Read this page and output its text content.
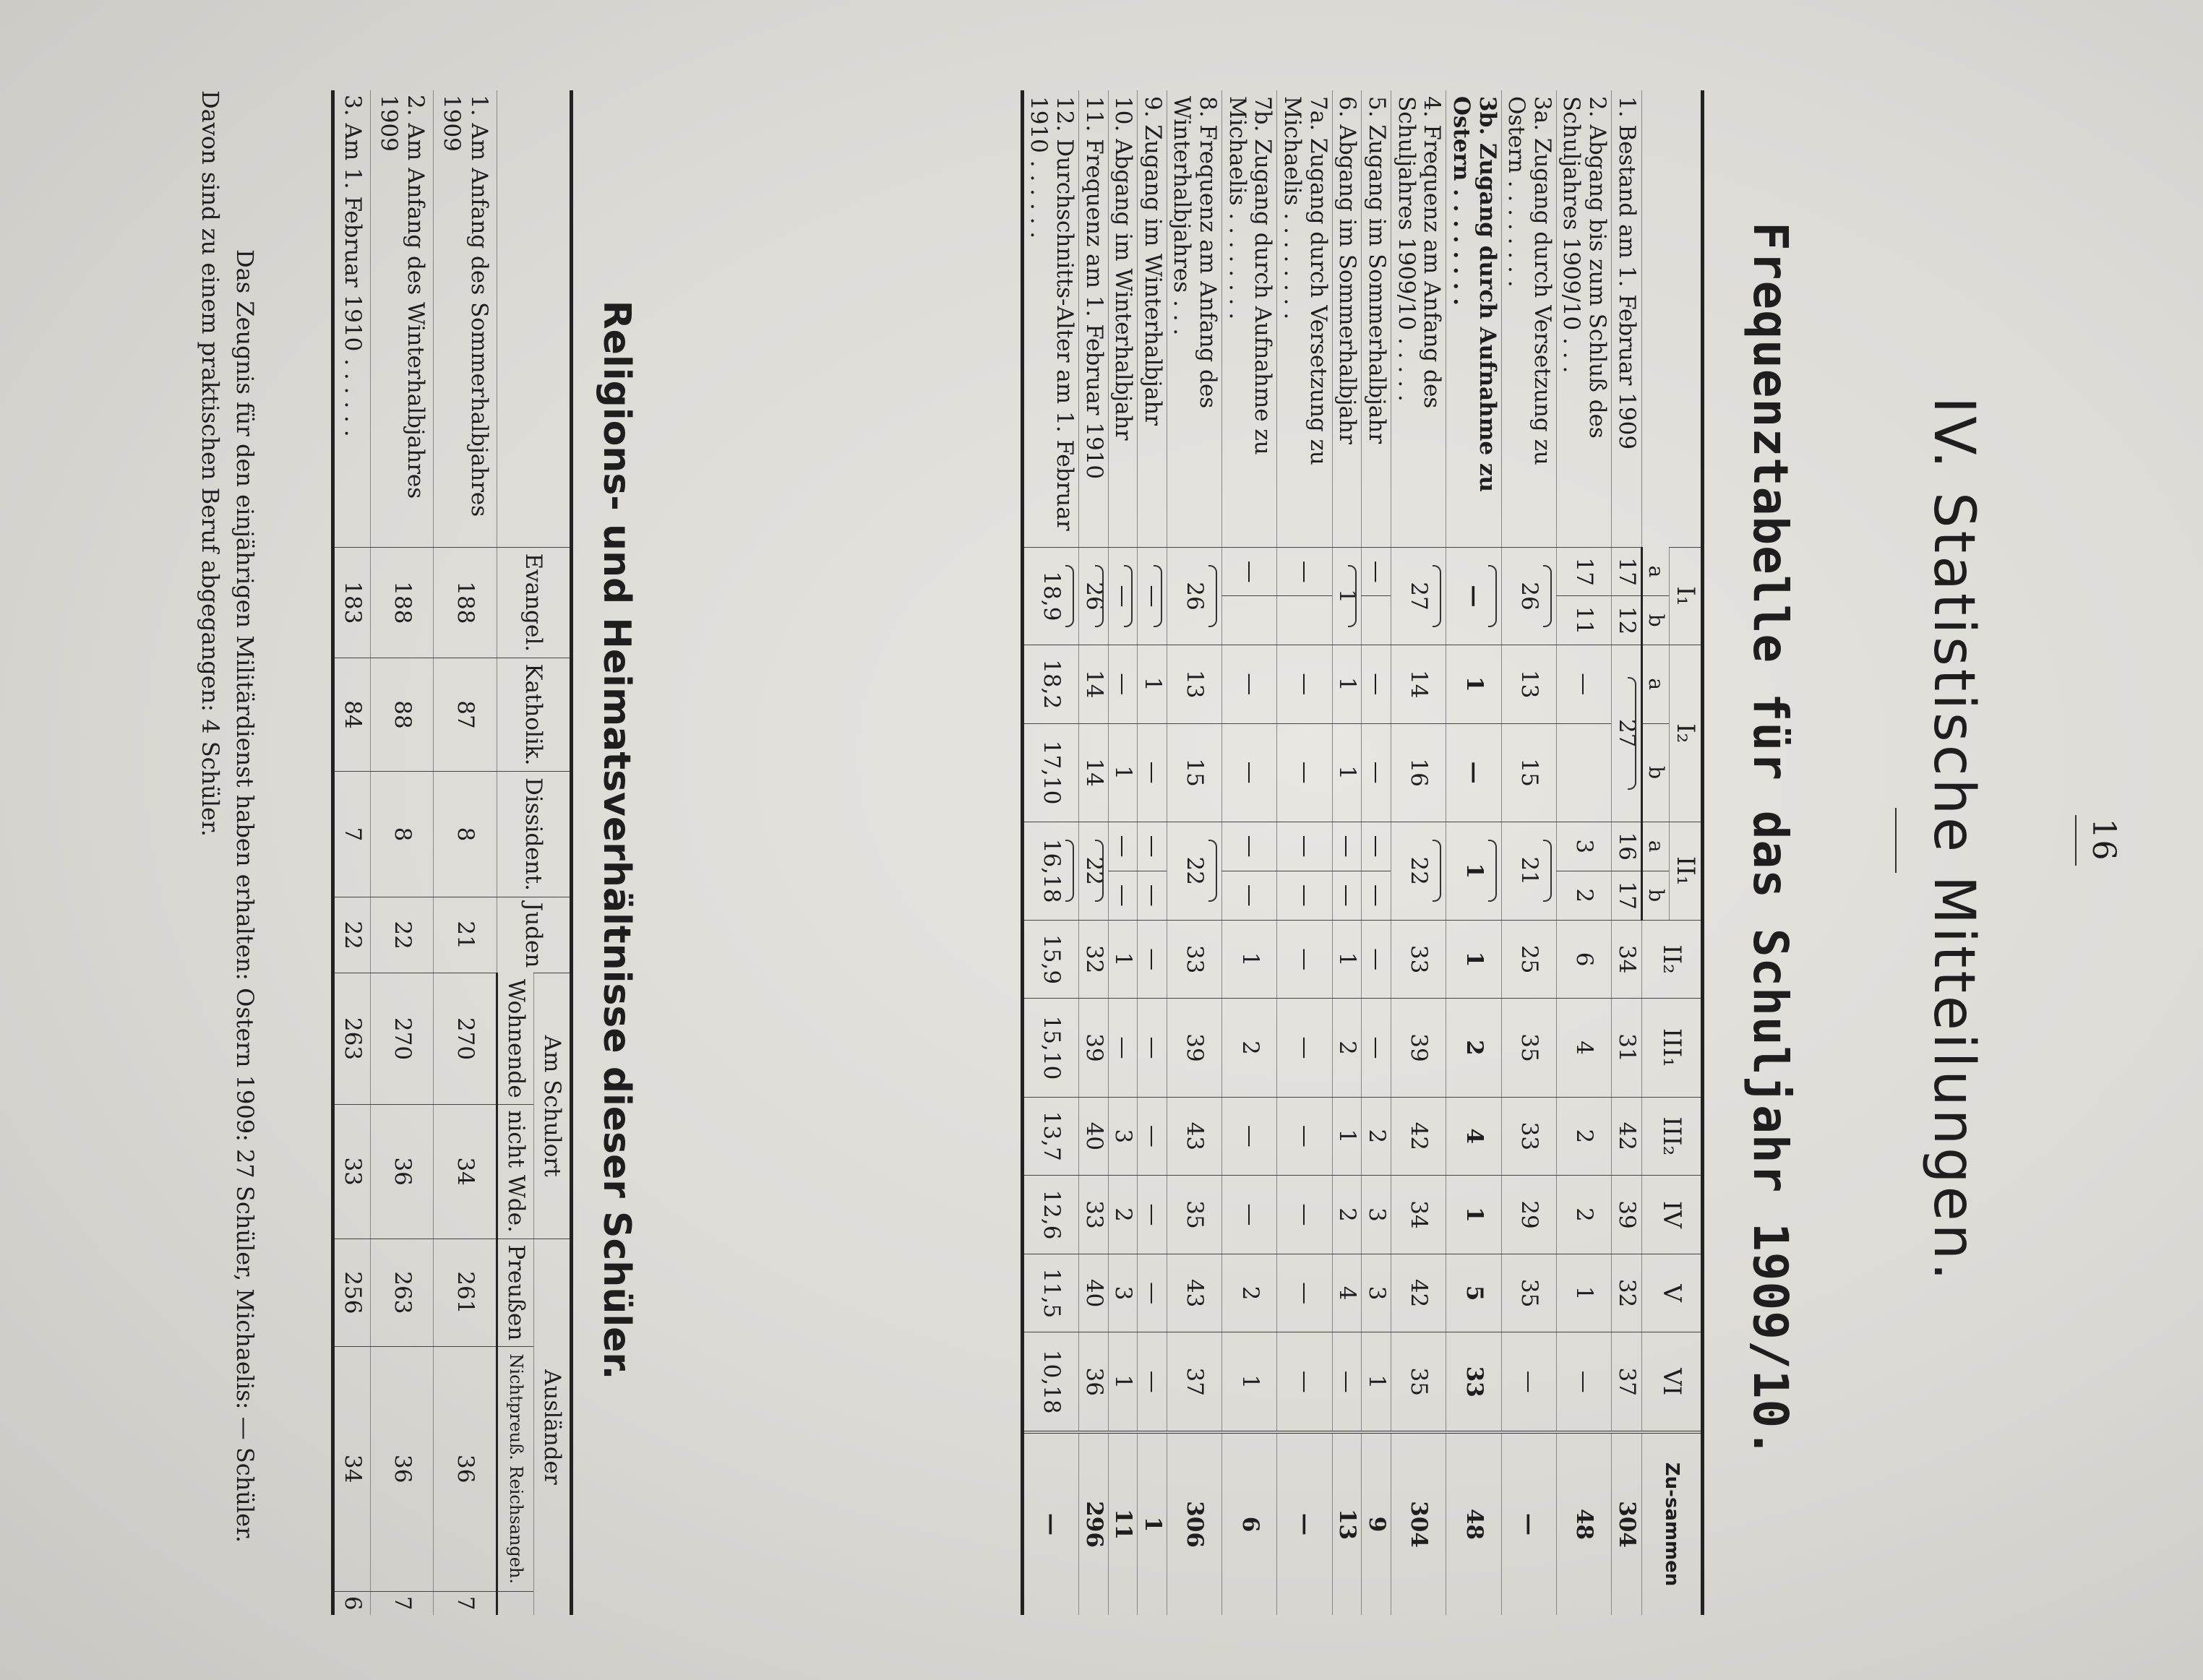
16
IV. Statistische Mitteilungen.
Frequenztabelle für das Schuljahr 1909/10.
	I₁		I₂		II₁		II₂	III₁	III₂	IV	V	VI	Zu-sammen
	a	b	a	b	a	b							
1. Bestand am 1. Februar 1909	17	12	27		16	17	34	31	42	39	32	37	304
2. Abgang bis zum Schluß des Schuljahres 1909/10 . . .	17	11	—		3	2	6	4	2	2	1	—	48
3a. Zugang durch Versetzung zu Ostern . . . . . . . .	26		13	15	21		25	35	33	29	35	—	—
3b. Zugang durch Aufnahme zu Ostern . . . . . . . .	—		1	—	1		1	2	4	1	5	33	48
4. Frequenz am Anfang des Schuljahres 1909/10 . . . . .	27		14	16	22		33	39	42	34	42	35	304
5. Zugang im Sommerhalbjahr	—		—	—	—	—	—	—	2	3	3	1	9
6. Abgang im Sommerhalbjahr	1		1	1	—	—	1	2	1	2	4	—	13
7a. Zugang durch Versetzung zu Michaelis . . . . . . . .	—		—	—	—	—	—	—	—	—	—	—	—
7b. Zugang durch Aufnahme zu Michaelis . . . . . . . .	—		—	—	—	—	1	2	—	—	2	1	6
8. Frequenz am Anfang des Winterhalbjahres . . .	26		13	15	22		33	39	43	35	43	37	306
9. Zugang im Winterhalbjahr	—		1	—	—	—	—	—	—	—	—	—	1
10. Abgang im Winterhalbjahr	—		—	1	—	—	1	—	3	2	3	1	11
11. Frequenz am 1. Februar 1910	26		14	14	22		32	39	40	33	40	36	296
12. Durchschnitts-Alter am 1. Februar 1910 . . . . . .	18,9		18,2	17,10	16,18		15,9	15,10	13,7	12,6	11,5	10,18	—
Religions- und Heimatsverhältnisse dieser Schüler.
	Evangel.	Katholik.	Dissident.	Juden	Am Schulort		Ausländer		
					Wohnende	nicht Wde.	Preußen	Nichtpreuß. Reichsangeh.	
1. Am Anfang des Sommerhalbjahres 1909	188	87	8	21	270	34	261	36	7
2. Am Anfang des Winterhalbjahres 1909	188	88	8	22	270	36	263	36	7
3. Am 1. Februar 1910 . . . . . .	183	84	7	22	263	33	256	34	6

Das Zeugnis für den einjährigen Militärdienst haben erhalten: Ostern 1909: 27 Schüler, Michaelis: — Schüler.

Davon sind zu einem praktischen Beruf abgegangen: 4 Schüler.
